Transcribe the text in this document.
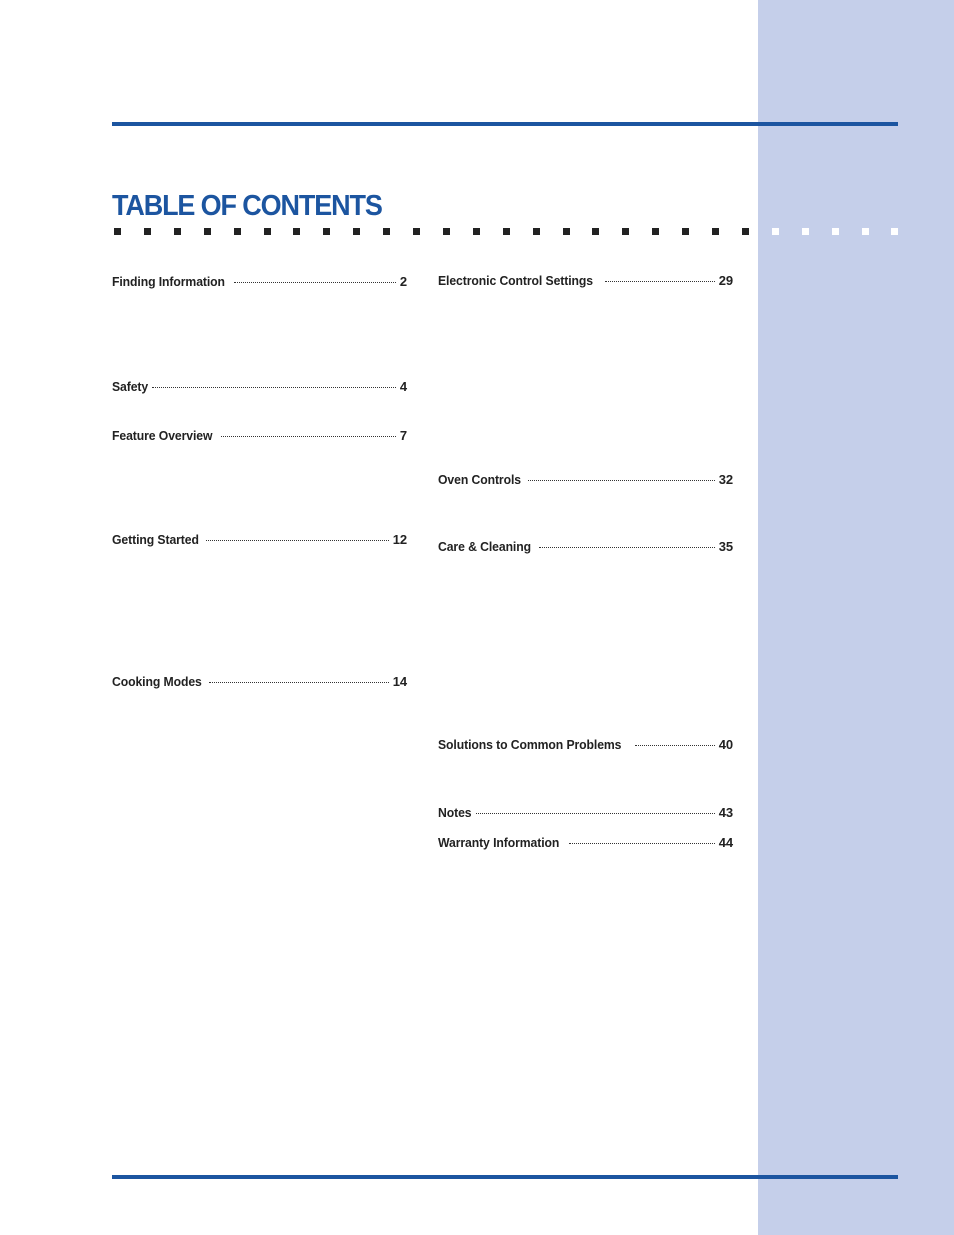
TABLE OF CONTENTS
Finding Information	2
Safety	4
Feature Overview	7
Getting Started	12
Cooking Modes	14
Electronic Control Settings	29
Oven Controls	32
Care & Cleaning	35
Solutions to Common Problems	40
Notes	43
Warranty Information	44
